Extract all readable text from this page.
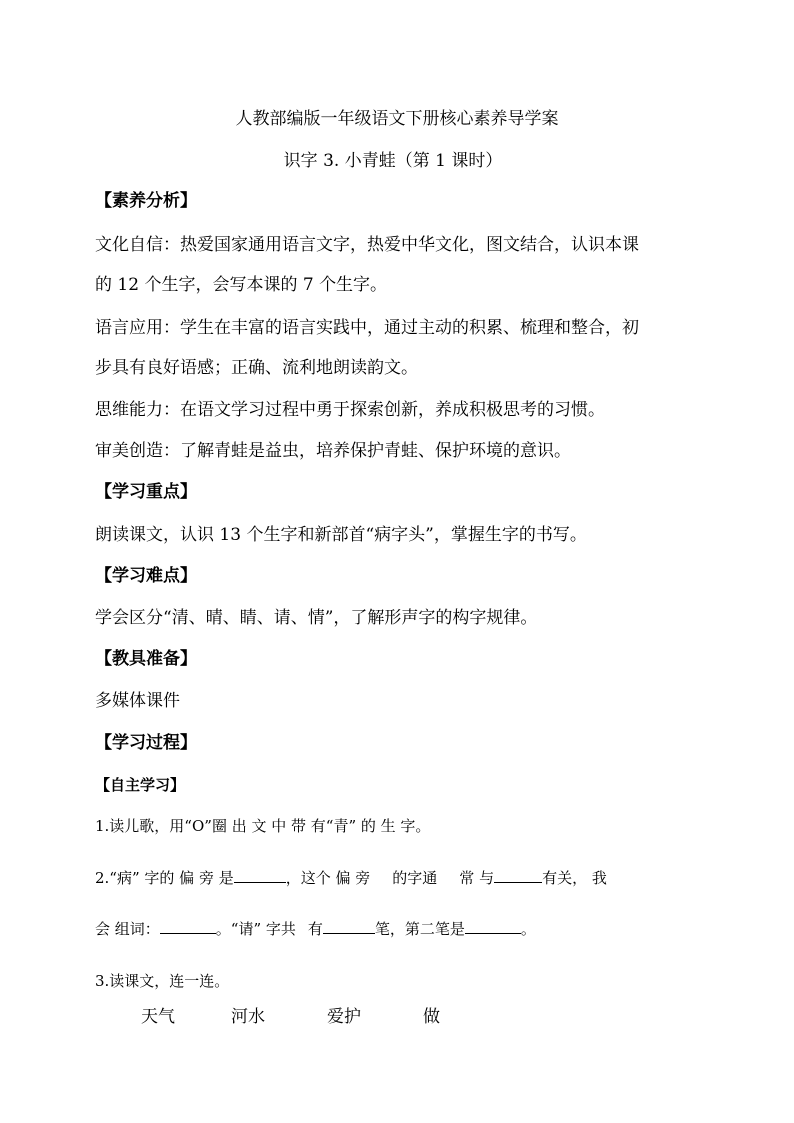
人教部编版一年级语文下册核心素养导学案
识字 3. 小青蛙（第 1 课时）
【素养分析】
文化自信：热爱国家通用语言文字，热爱中华文化，图文结合，认识本课
的 12 个生字，会写本课的 7 个生字。
语言应用：学生在丰富的语言实践中，通过主动的积累、梳理和整合，初
步具有良好语感；正确、流利地朗读韵文。
思维能力：在语文学习过程中勇于探索创新，养成积极思考的习惯。
审美创造：了解青蛙是益虫，培养保护青蛙、保护环境的意识。
【学习重点】
朗读课文，认识 13 个生字和新部首“病字头”，掌握生字的书写。
【学习难点】
学会区分“清、晴、睛、请、情”，了解形声字的构字规律。
【教具准备】
多媒体课件
【学习过程】
【自主学习】
1.读儿歌，用“O”圈 出 文 中 带 有“青” 的 生 字。
2.“病” 字的 偏 旁 是	，这个 偏 旁 的字通 常 与	有关， 我
会 组词：	。“请” 字共 有	笔，第二笔是	。
3.读课文，连一连。
天气	河水	爱护	做
